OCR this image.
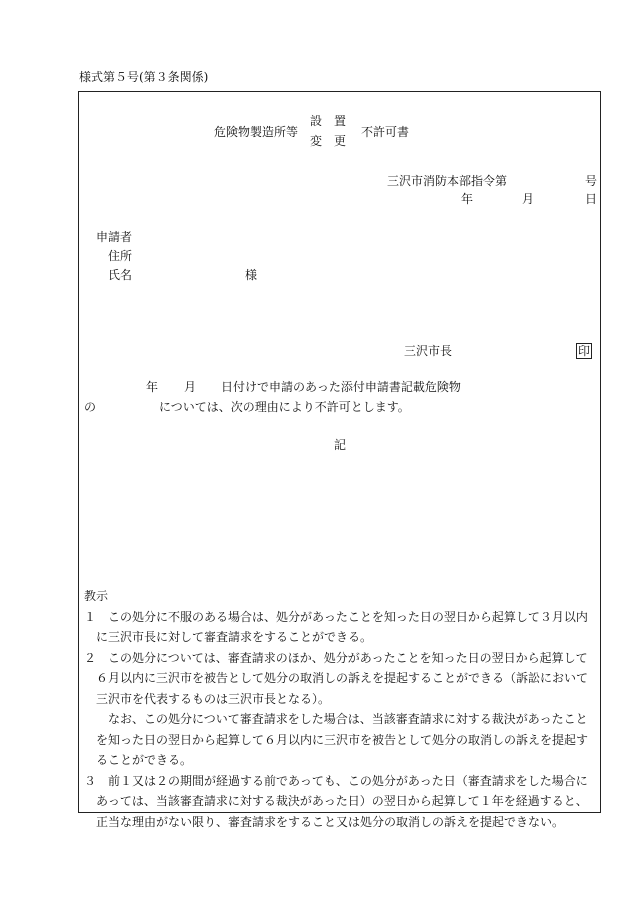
様式第５号(第３条関係)
危険物製造所等
設　置
変　更
不許可書
三沢市消防本部指令第	号
年	月	日
申請者
住所
氏名	様
三沢市長	印
年 月 日付けで申請のあった添付申請書記載危険物
の	については、次の理由により不許可とします。
記

教示

１　この処分に不服のある場合は、処分があったことを知った日の翌日から起算して３月以内に三沢市長に対して審査請求をすることができる。

２　この処分については、審査請求のほか、処分があったことを知った日の翌日から起算して６月以内に三沢市を被告として処分の取消しの訴えを提起することができる（訴訟において三沢市を代表するものは三沢市長となる）。

なお、この処分について審査請求をした場合は、当該審査請求に対する裁決があったことを知った日の翌日から起算して６月以内に三沢市を被告として処分の取消しの訴えを提起することができる。

３　前１又は２の期間が経過する前であっても、この処分があった日（審査請求をした場合にあっては、当該審査請求に対する裁決があった日）の翌日から起算して１年を経過すると、正当な理由がない限り、審査請求をすること又は処分の取消しの訴えを提起できない。
